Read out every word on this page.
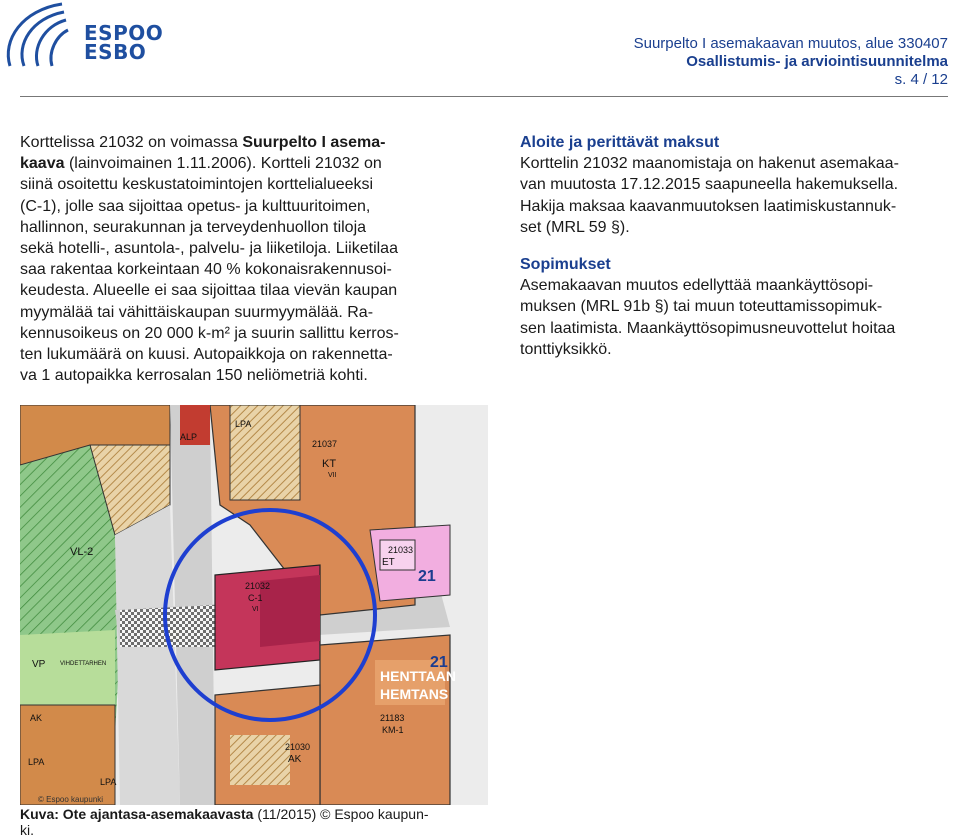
ESPOO
ESBO	Suurpelto I asemakaavan muutos, alue 330407
Osallistumis- ja arviointisuunnitelma
s. 4 / 12
Korttelissa 21032 on voimassa Suurpelto I asema-
kaava (lainvoimainen 1.11.2006). Kortteli 21032 on
siinä osoitettu keskustatoimintojen korttelialueeksi
(C-1), jolle saa sijoittaa opetus- ja kulttuuritoimen,
hallinnon, seurakunnan ja terveydenhuollon tiloja
sekä hotelli-, asuntola-, palvelu- ja liiketiloja. Liiketilaa
saa rakentaa korkeintaan 40 % kokonaisrakennusoi-
keudesta. Alueelle ei saa sijoittaa tilaa vievän kaupan
myymälää tai vähittäiskaupan suurmyymälää. Ra-
kennusoikeus on 20 000 k-m² ja suurin sallittu kerros-
ten lukumäärä on kuusi. Autopaikkoja on rakennetta-
va 1 autopaikka kerrosalan 150 neliömetriä kohti.
Aloite ja perittävät maksut
Korttelin 21032 maanomistaja on hakenut asemakaa-
van muutosta 17.12.2015 saapuneella hakemuksella.
Hakija maksaa kaavanmuutoksen laatimiskustannuk-
set (MRL 59 §).
Sopimukset
Asemakaavan muutos edellyttää maankäyttösopi-
muksen (MRL 91b §) tai muun toteuttamissopimuk-
sen laatimista. Maankäyttösopimusneuvottelut hoitaa
tonttiyksikkö.
21037
KT
VII
VL-2
21032
C-1
VI
21033
ET
21
21
HENTTAAN
HEMTANS
21183
KM-1
21030
AK
AK
VP
LPA
LPA
LPA
ALP
VIHDETTARHEN
© Espoo kaupunki
Kuva: Ote ajantasa-asemakaavasta (11/2015) © Espoo kaupun-
ki.
